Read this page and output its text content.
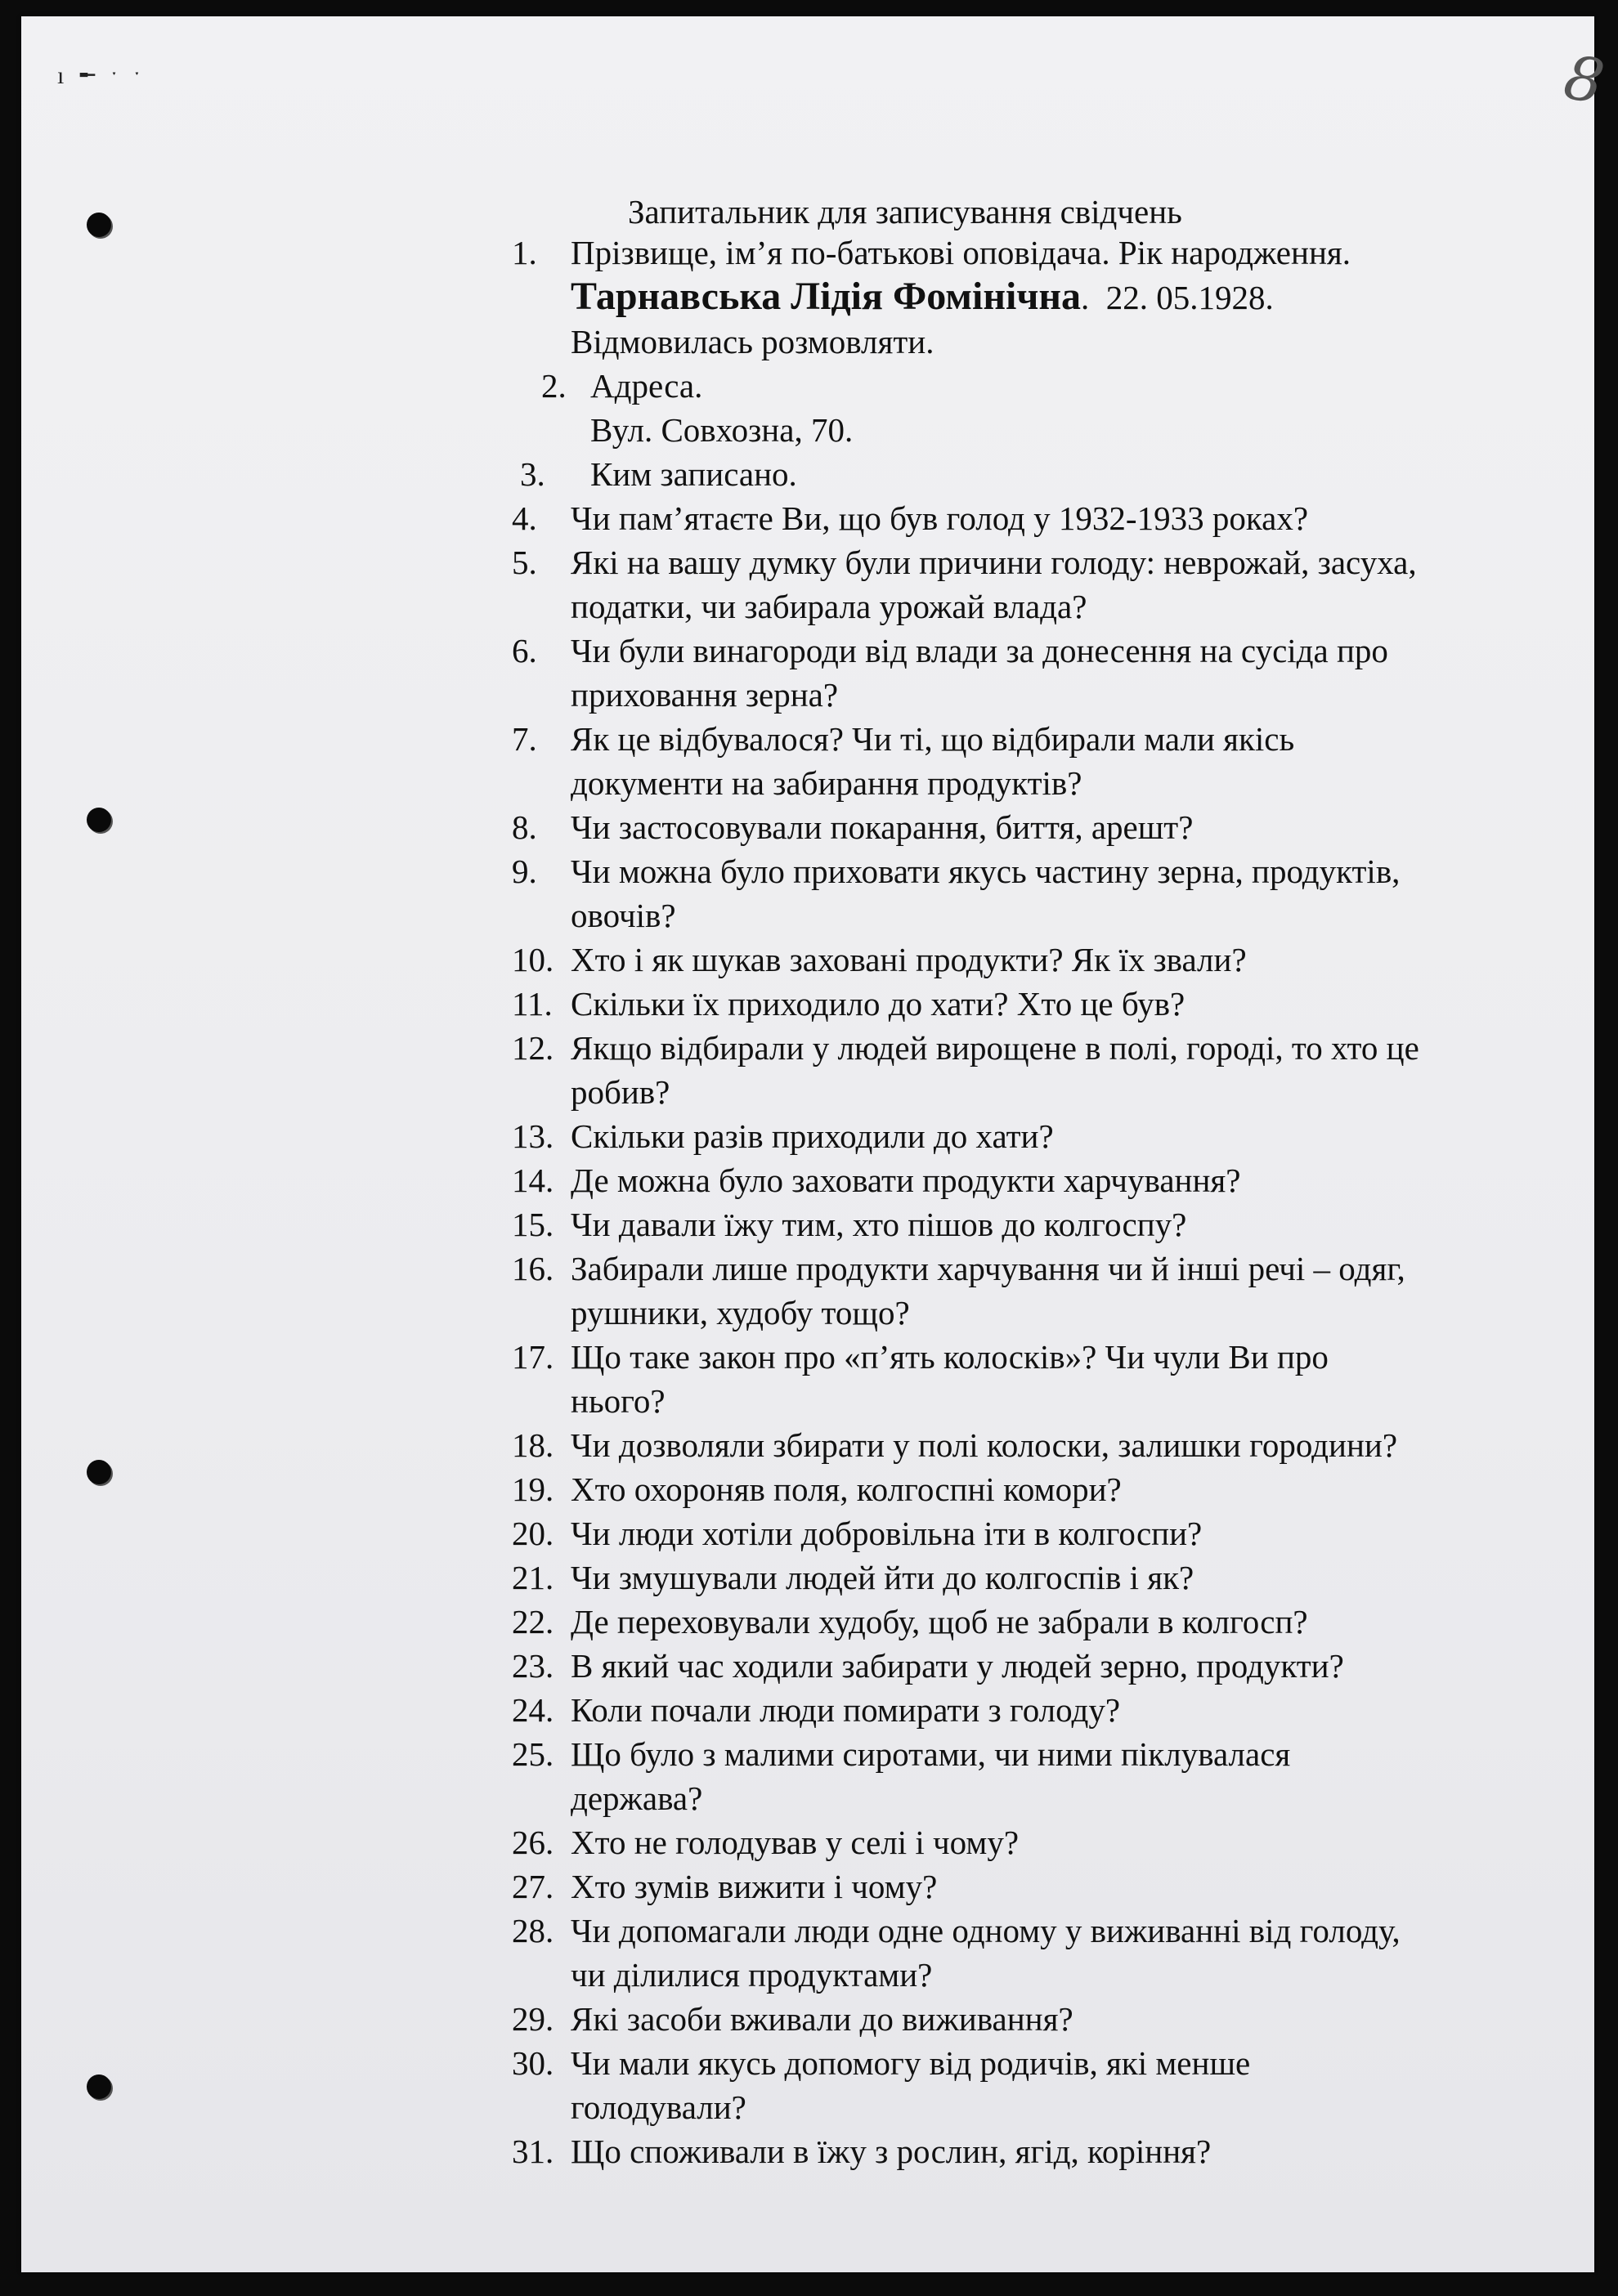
ı ╾ ˑ ˑ	8
Запитальник для записування свідчень
1.	Прізвище, ім’я по-батькові оповідача. Рік народження.
Тарнавська Лідія Фомінічна.  22. 05.1928.
Відмовилась розмовляти.
2. Адреса.
Вул. Совхозна, 70.
3.	Ким записано.
4.	Чи пам’ятаєте Ви, що був голод у 1932-1933 роках?
5.	Які на вашу думку були причини голоду: неврожай, засуха,
податки, чи забирала урожай влада?
6.	Чи були винагороди від влади за донесення на сусіда про
приховання зерна?
7.	Як це відбувалося? Чи ті, що відбирали мали якісь
документи на забирання продуктів?
8.	Чи застосовували покарання, биття, арешт?
9.	Чи можна було приховати якусь частину зерна, продуктів,
овочів?
10. Хто і як шукав заховані продукти? Як їх звали?
11. Скільки їх приходило до хати? Хто це був?
12. Якщо відбирали у людей вирощене в полі, городі, то хто це
робив?
13. Скільки разів приходили до хати?
14. Де можна було заховати продукти харчування?
15. Чи давали їжу тим, хто пішов до колгоспу?
16. Забирали лише продукти харчування чи й інші речі – одяг,
рушники, худобу тощо?
17. Що таке закон про «п’ять колосків»? Чи чули Ви про
нього?
18. Чи дозволяли збирати у полі колоски, залишки городини?
19. Хто охороняв поля, колгоспні комори?
20. Чи люди хотіли добровільна іти в колгоспи?
21. Чи змушували людей йти до колгоспів і як?
22. Де переховували худобу, щоб не забрали в колгосп?
23. В який час ходили забирати у людей зерно, продукти?
24. Коли почали люди помирати з голоду?
25. Що було з малими сиротами, чи ними піклувалася
держава?
26. Хто не голодував у селі і чому?
27. Хто зумів вижити і чому?
28. Чи допомагали люди одне одному у виживанні від голоду,
чи ділилися продуктами?
29. Які засоби вживали до виживання?
30. Чи мали якусь допомогу від родичів, які менше
голодували?
31. Що споживали в їжу з рослин, ягід, коріння?
